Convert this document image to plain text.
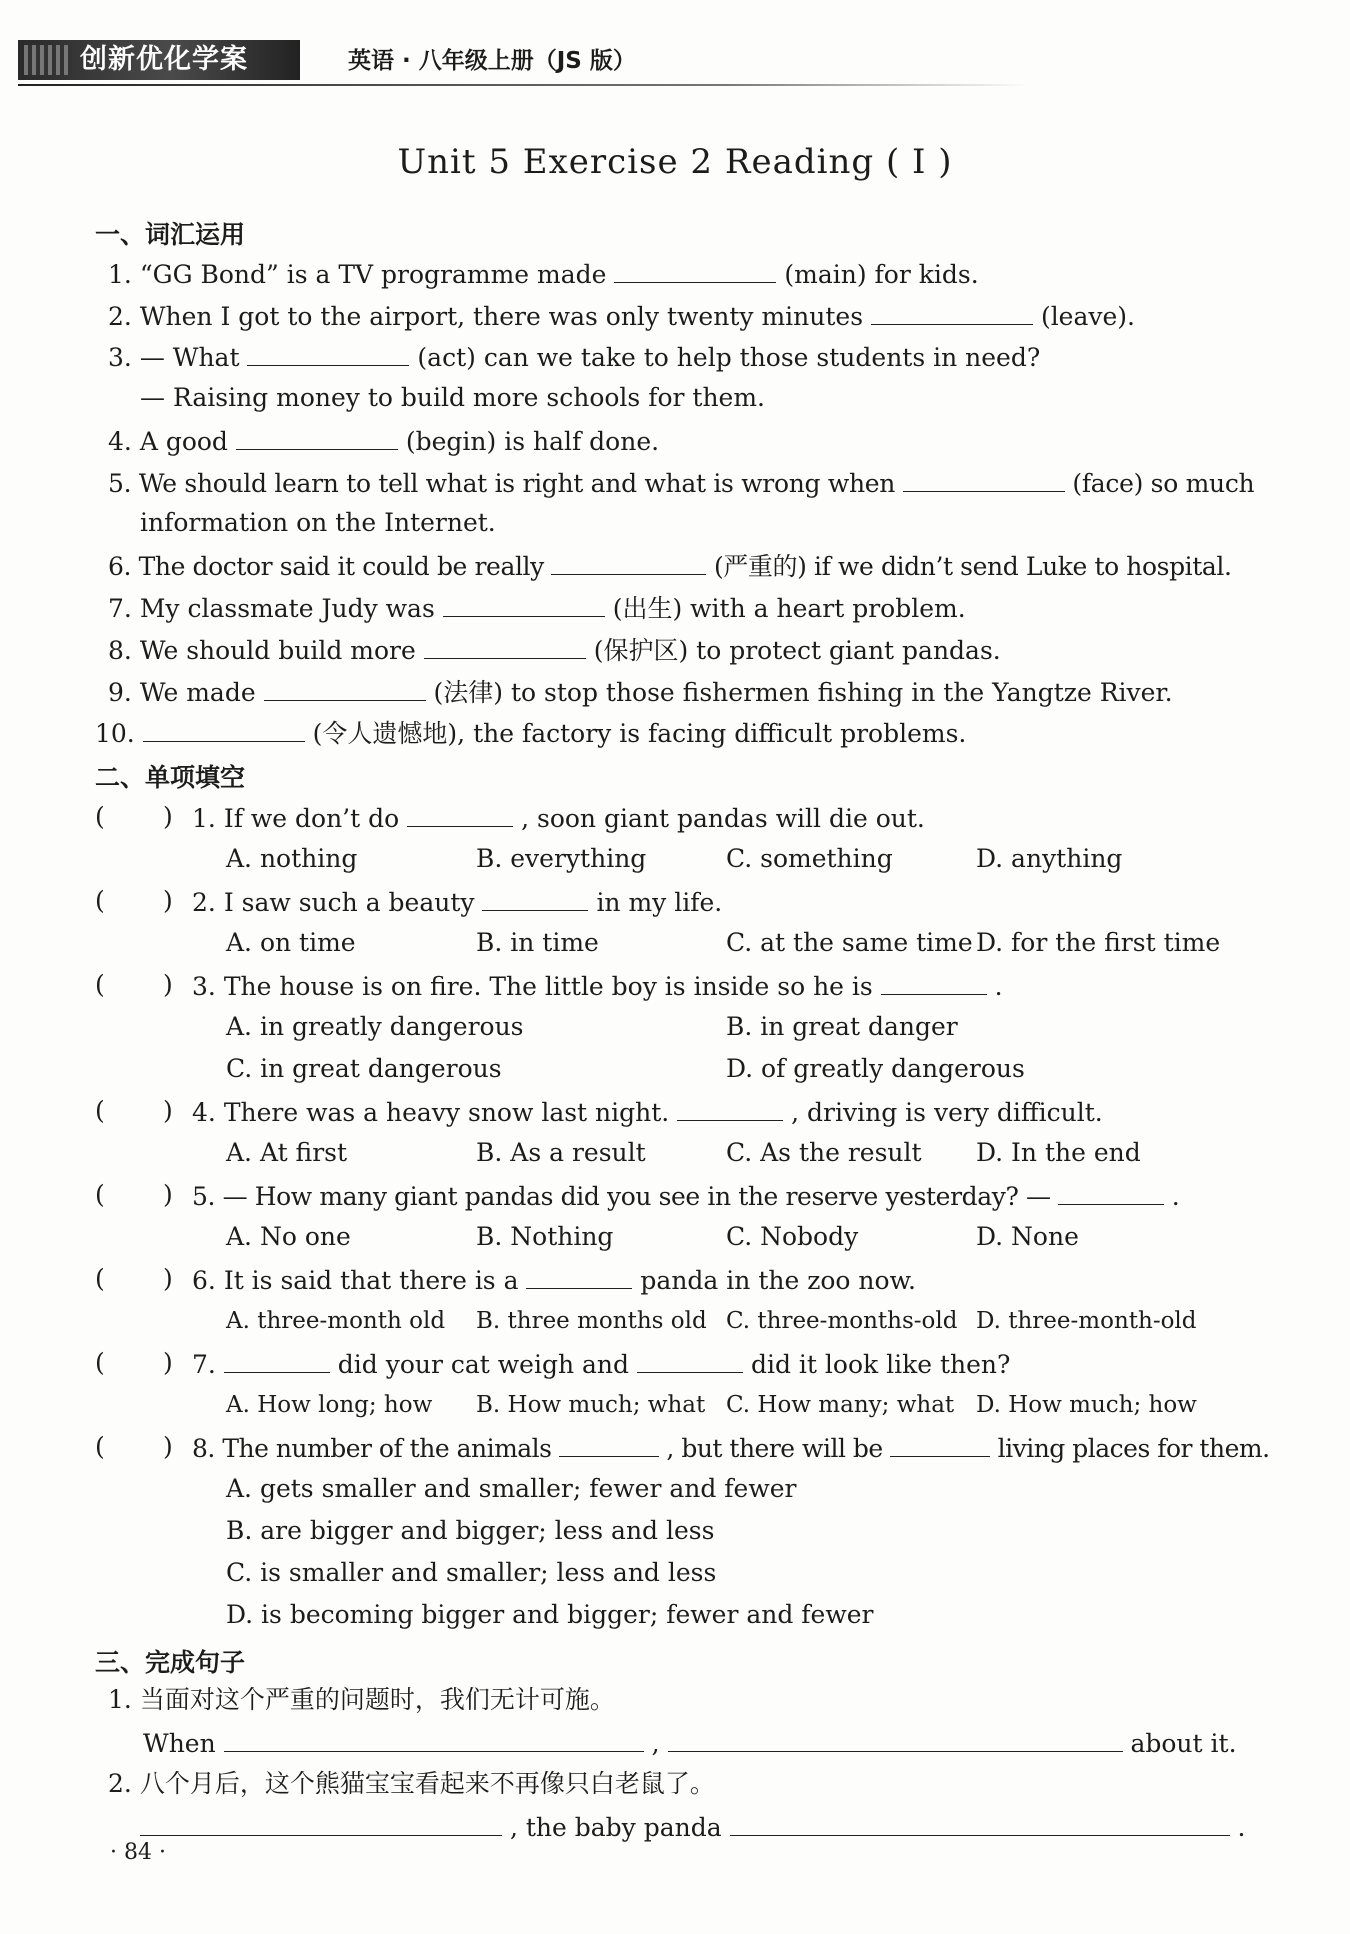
创新优化学案	英语 · 八年级上册（JS 版）
Unit 5 Exercise 2 Reading ( Ⅰ )
一、词汇运用
1. “GG Bond” is a TV programme made	(main) for kids.
2. When I got to the airport, there was only twenty minutes	(leave).
3. — What	(act) can we take to help those students in need?
— Raising money to build more schools for them.
4. A good	(begin) is half done.
5. We should learn to tell what is right and what is wrong when	(face) so much
information on the Internet.
6. The doctor said it could be really	(严重的) if we didn’t send Luke to hospital.
7. My classmate Judy was	(出生) with a heart problem.
8. We should build more	(保护区) to protect giant pandas.
9. We made	(法律) to stop those fishermen fishing in the Yangtze River.
10.	(令人遗憾地), the factory is facing difficult problems.
二、单项填空
( ) 1. If we don’t do	, soon giant pandas will die out.
A. nothing	B. everything	C. something	D. anything
( ) 2. I saw such a beauty	in my life.
A. on time	B. in time	C. at the same time D. for the first time
( ) 3. The house is on fire. The little boy is inside so he is	.
A. in greatly dangerous	B. in great danger
C. in great dangerous	D. of greatly dangerous
( ) 4. There was a heavy snow last night.	, driving is very difficult.
A. At first	B. As a result	C. As the result D. In the end
( ) 5. — How many giant pandas did you see in the reserve yesterday? —	.
A. No one	B. Nothing	C. Nobody	D. None
( ) 6. It is said that there is a	panda in the zoo now.
A. three-month old B. three months old C. three-months-old D. three-month-old
( ) 7.	did your cat weigh and	did it look like then?
A. How long; how B. How much; what C. How many; what D. How much; how
( ) 8. The number of the animals	, but there will be	living places for them.
A. gets smaller and smaller; fewer and fewer
B. are bigger and bigger; less and less
C. is smaller and smaller; less and less
D. is becoming bigger and bigger; fewer and fewer
三、完成句子
1. 当面对这个严重的问题时，我们无计可施。
When	,	about it.
2. 八个月后，这个熊猫宝宝看起来不再像只白老鼠了。
, the baby panda	.
· 84 ·
